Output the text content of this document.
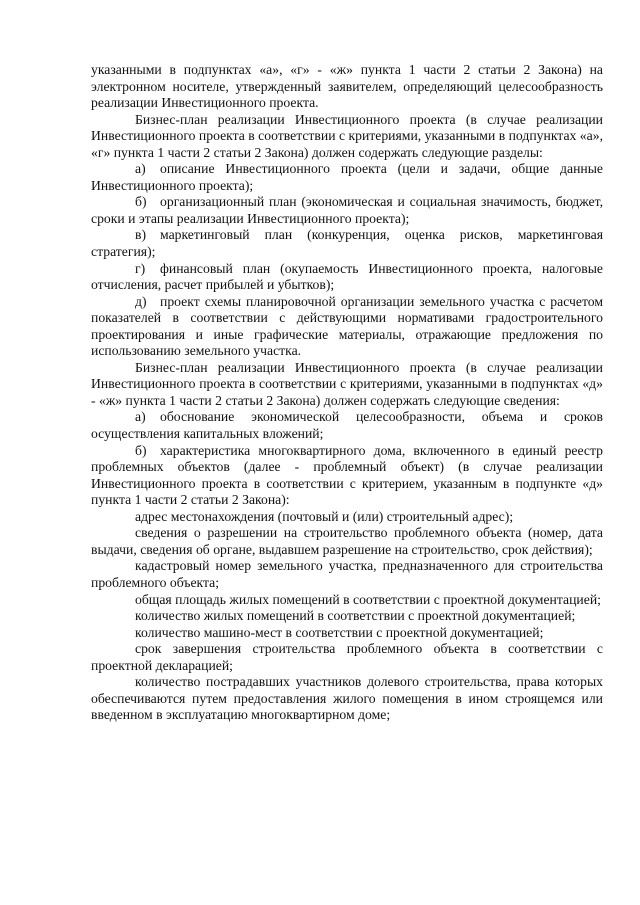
указанными в подпунктах «а», «г» - «ж» пункта 1 части 2 статьи 2 Закона) на электронном носителе, утвержденный заявителем, определяющий целесообразность реализации Инвестиционного проекта.

Бизнес-план реализации Инвестиционного проекта (в случае реализации Инвестиционного проекта в соответствии с критериями, указанными в подпунктах «а», «г» пункта 1 части 2 статьи 2 Закона) должен содержать следующие разделы:

а) описание Инвестиционного проекта (цели и задачи, общие данные Инвестиционного проекта);

б) организационный план (экономическая и социальная значимость, бюджет, сроки и этапы реализации Инвестиционного проекта);

в) маркетинговый план (конкуренция, оценка рисков, маркетинговая стратегия);

г) финансовый план (окупаемость Инвестиционного проекта, налоговые отчисления, расчет прибылей и убытков);

д) проект схемы планировочной организации земельного участка с расчетом показателей в соответствии с действующими нормативами градостроительного проектирования и иные графические материалы, отражающие предложения по использованию земельного участка.

Бизнес-план реализации Инвестиционного проекта (в случае реализации Инвестиционного проекта в соответствии с критериями, указанными в подпунктах «д» - «ж» пункта 1 части 2 статьи 2 Закона) должен содержать следующие сведения:

а) обоснование экономической целесообразности, объема и сроков осуществления капитальных вложений;

б) характеристика многоквартирного дома, включенного в единый реестр проблемных объектов (далее - проблемный объект) (в случае реализации Инвестиционного проекта в соответствии с критерием, указанным в подпункте «д» пункта 1 части 2 статьи 2 Закона):

адрес местонахождения (почтовый и (или) строительный адрес);

сведения о разрешении на строительство проблемного объекта (номер, дата выдачи, сведения об органе, выдавшем разрешение на строительство, срок действия);

кадастровый номер земельного участка, предназначенного для строительства проблемного объекта;

общая площадь жилых помещений в соответствии с проектной документацией;

количество жилых помещений в соответствии с проектной документацией;

количество машино-мест в соответствии с проектной документацией;

срок завершения строительства проблемного объекта в соответствии с проектной декларацией;

количество пострадавших участников долевого строительства, права которых обеспечиваются путем предоставления жилого помещения в ином строящемся или введенном в эксплуатацию многоквартирном доме;
